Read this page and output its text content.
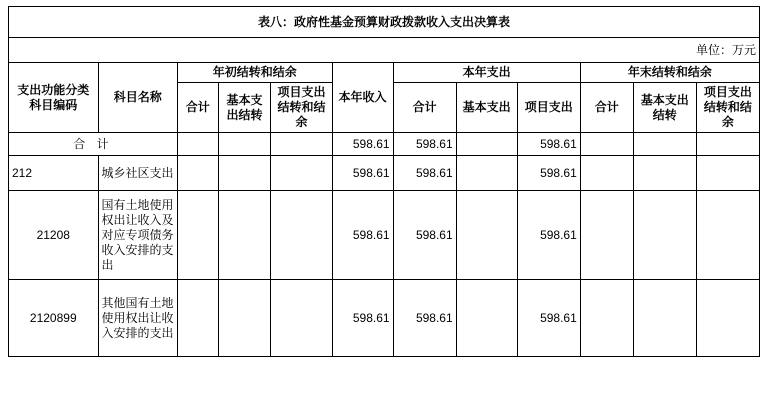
表八：政府性基金预算财政拨款收入支出决算表											
单位：万元											
支出功能分类科目编码	科目名称	年初结转和结余			本年收入	本年支出			年末结转和结余		
		合计	基本支出结转	项目支出结转和结余		合计	基本支出	项目支出	合计	基本支出结转	项目支出结转和结余
合 计					598.61	598.61		598.61			
212	城乡社区支出				598.61	598.61		598.61			
21208	国有土地使用权出让收入及对应专项债务收入安排的支出				598.61	598.61		598.61			
2120899	其他国有土地使用权出让收入安排的支出				598.61	598.61		598.61			
